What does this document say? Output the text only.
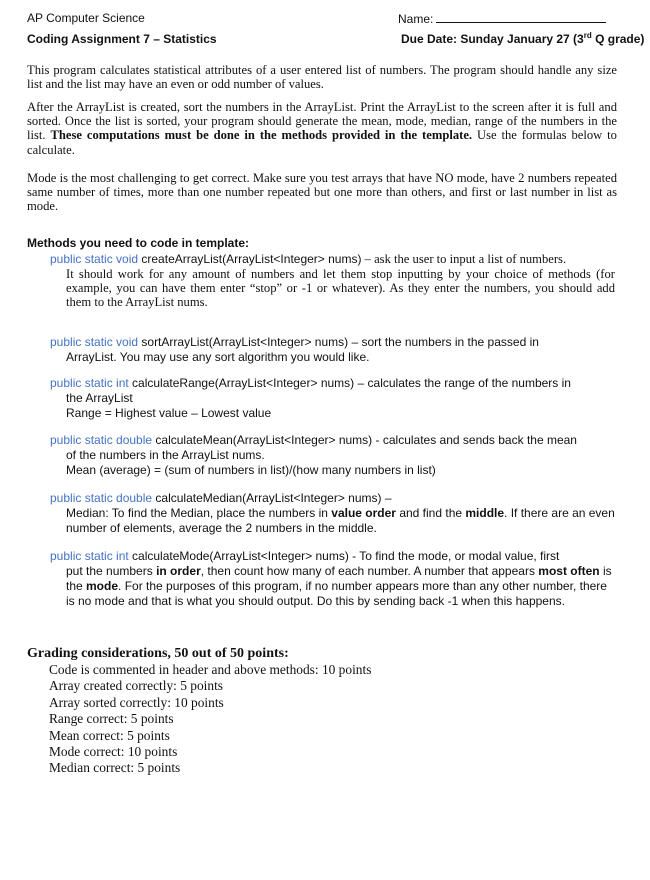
AP Computer Science	Name:
Coding Assignment 7 – Statistics	Due Date: Sunday January 27 (3rd Q grade)
This program calculates statistical attributes of a user entered list of numbers. The program should handle any size list and the list may have an even or odd number of values.
After the ArrayList is created, sort the numbers in the ArrayList. Print the ArrayList to the screen after it is full and sorted. Once the list is sorted, your program should generate the mean, mode, median, range of the numbers in the list. These computations must be done in the methods provided in the template. Use the formulas below to calculate.
Mode is the most challenging to get correct. Make sure you test arrays that have NO mode, have 2 numbers repeated same number of times, more than one number repeated but one more than others, and first or last number in list as mode.
Methods you need to code in template:
public static void createArrayList(ArrayList<Integer> nums) – ask the user to input a list of numbers.
It should work for any amount of numbers and let them stop inputting by your choice of methods (for example, you can have them enter “stop” or -1 or whatever). As they enter the numbers, you should add them to the ArrayList nums.
public static void sortArrayList(ArrayList<Integer> nums) – sort the numbers in the passed in
ArrayList. You may use any sort algorithm you would like.
public static int calculateRange(ArrayList<Integer> nums) – calculates the range of the numbers in
the ArrayList
Range = Highest value – Lowest value
public static double calculateMean(ArrayList<Integer> nums) - calculates and sends back the mean
of the numbers in the ArrayList nums.
Mean (average) = (sum of numbers in list)/(how many numbers in list)
public static double calculateMedian(ArrayList<Integer> nums) –
Median: To find the Median, place the numbers in value order and find the middle. If there are an even number of elements, average the 2 numbers in the middle.
public static int calculateMode(ArrayList<Integer> nums) - To find the mode, or modal value, first
put the numbers in order, then count how many of each number. A number that appears most often is the mode. For the purposes of this program, if no number appears more than any other number, there is no mode and that is what you should output. Do this by sending back -1 when this happens.
Grading considerations, 50 out of 50 points:
Code is commented in header and above methods: 10 points
Array created correctly: 5 points
Array sorted correctly: 10 points
Range correct: 5 points
Mean correct: 5 points
Mode correct: 10 points
Median correct: 5 points
